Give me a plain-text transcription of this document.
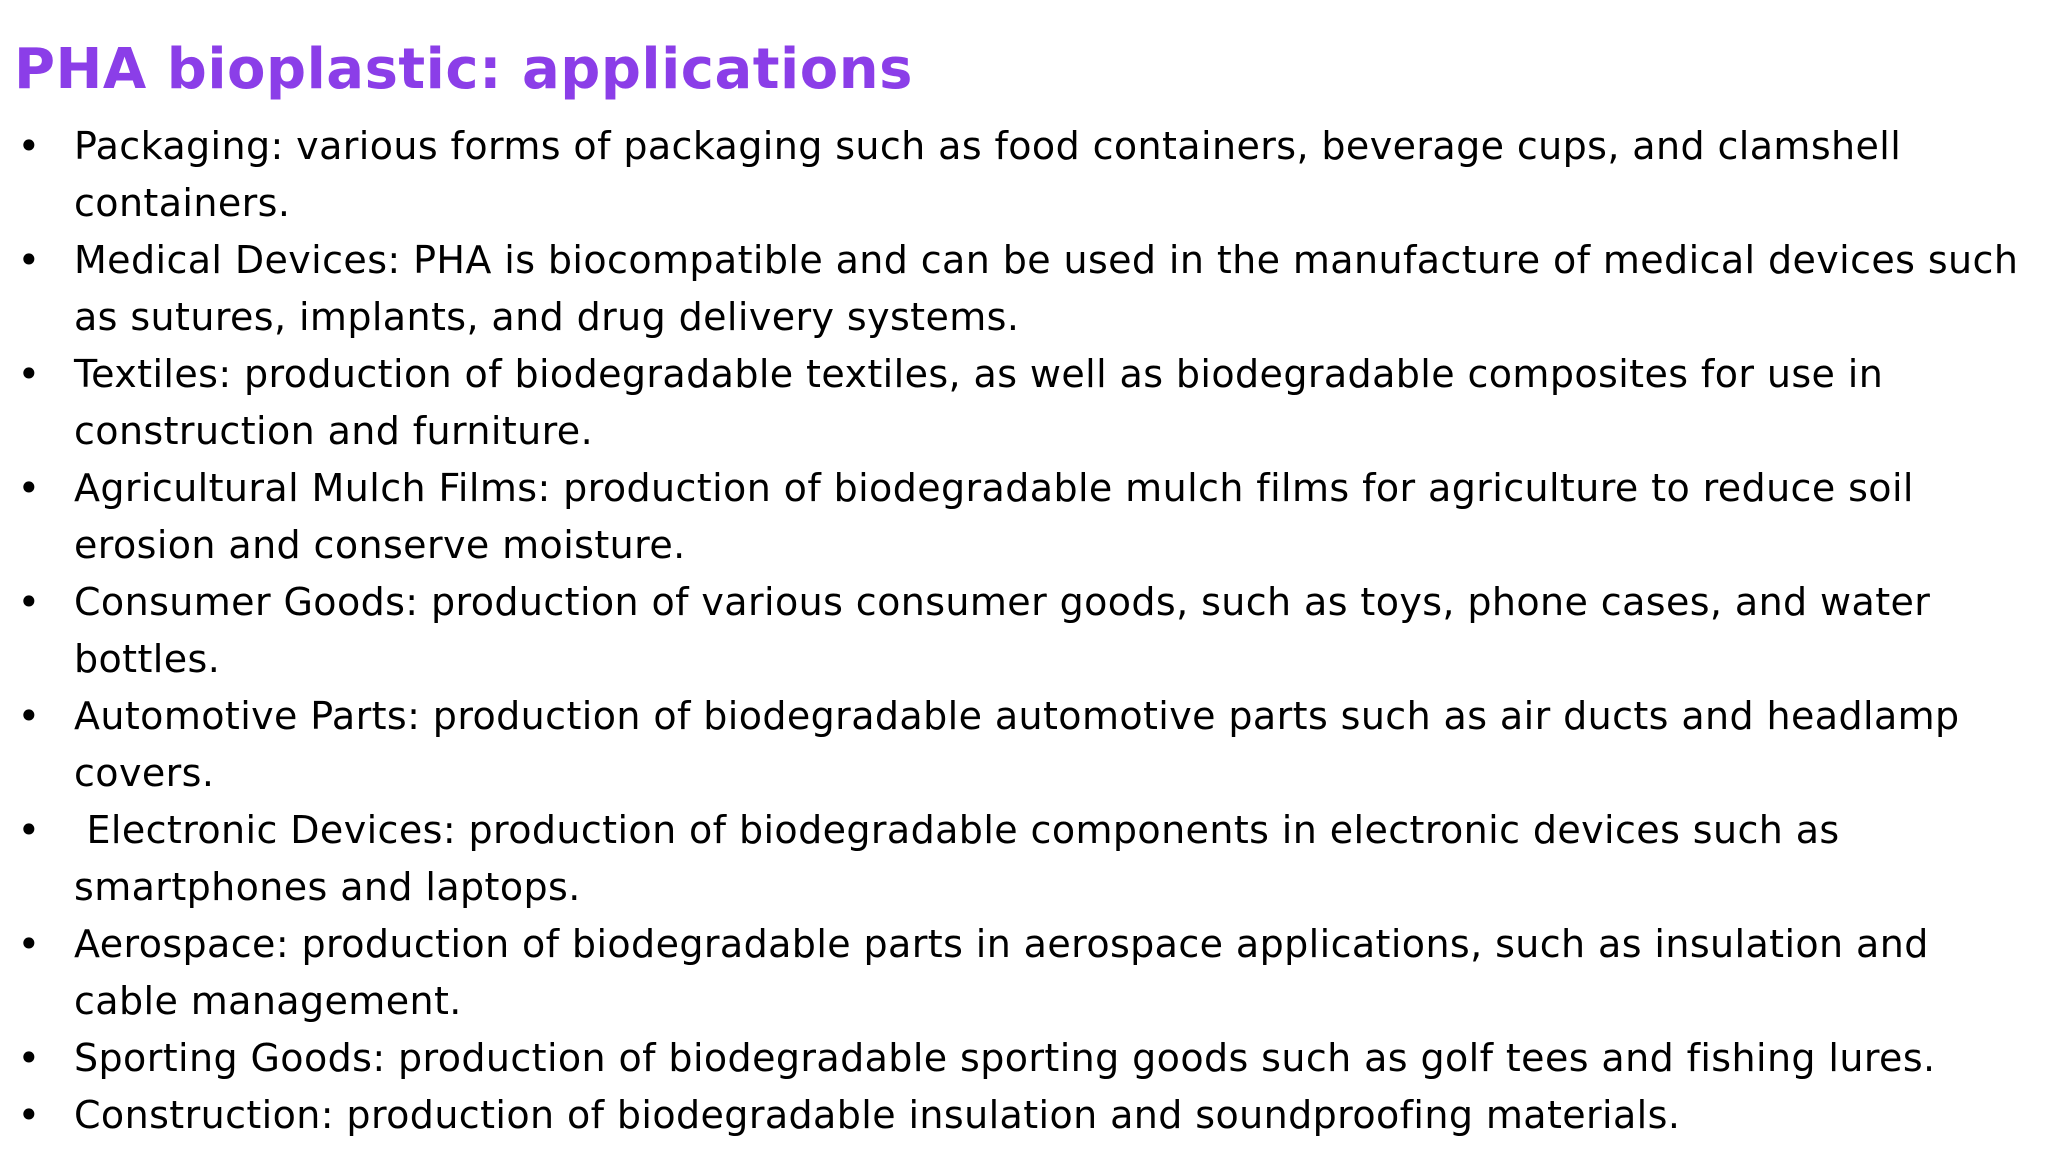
PHA bioplastic: applications
• Packaging: various forms of packaging such as food containers, beverage cups, and clamshell containers.
• Medical Devices: PHA is biocompatible and can be used in the manufacture of medical devices such as sutures, implants, and drug delivery systems.
• Textiles: production of biodegradable textiles, as well as biodegradable composites for use in construction and furniture.
• Agricultural Mulch Films: production of biodegradable mulch films for agriculture to reduce soil erosion and conserve moisture.
• Consumer Goods: production of various consumer goods, such as toys, phone cases, and water bottles.
• Automotive Parts: production of biodegradable automotive parts such as air ducts and headlamp covers.
• Electronic Devices: production of biodegradable components in electronic devices such as smartphones and laptops.
• Aerospace: production of biodegradable parts in aerospace applications, such as insulation and cable management.
• Sporting Goods: production of biodegradable sporting goods such as golf tees and fishing lures.
• Construction: production of biodegradable insulation and soundproofing materials.
